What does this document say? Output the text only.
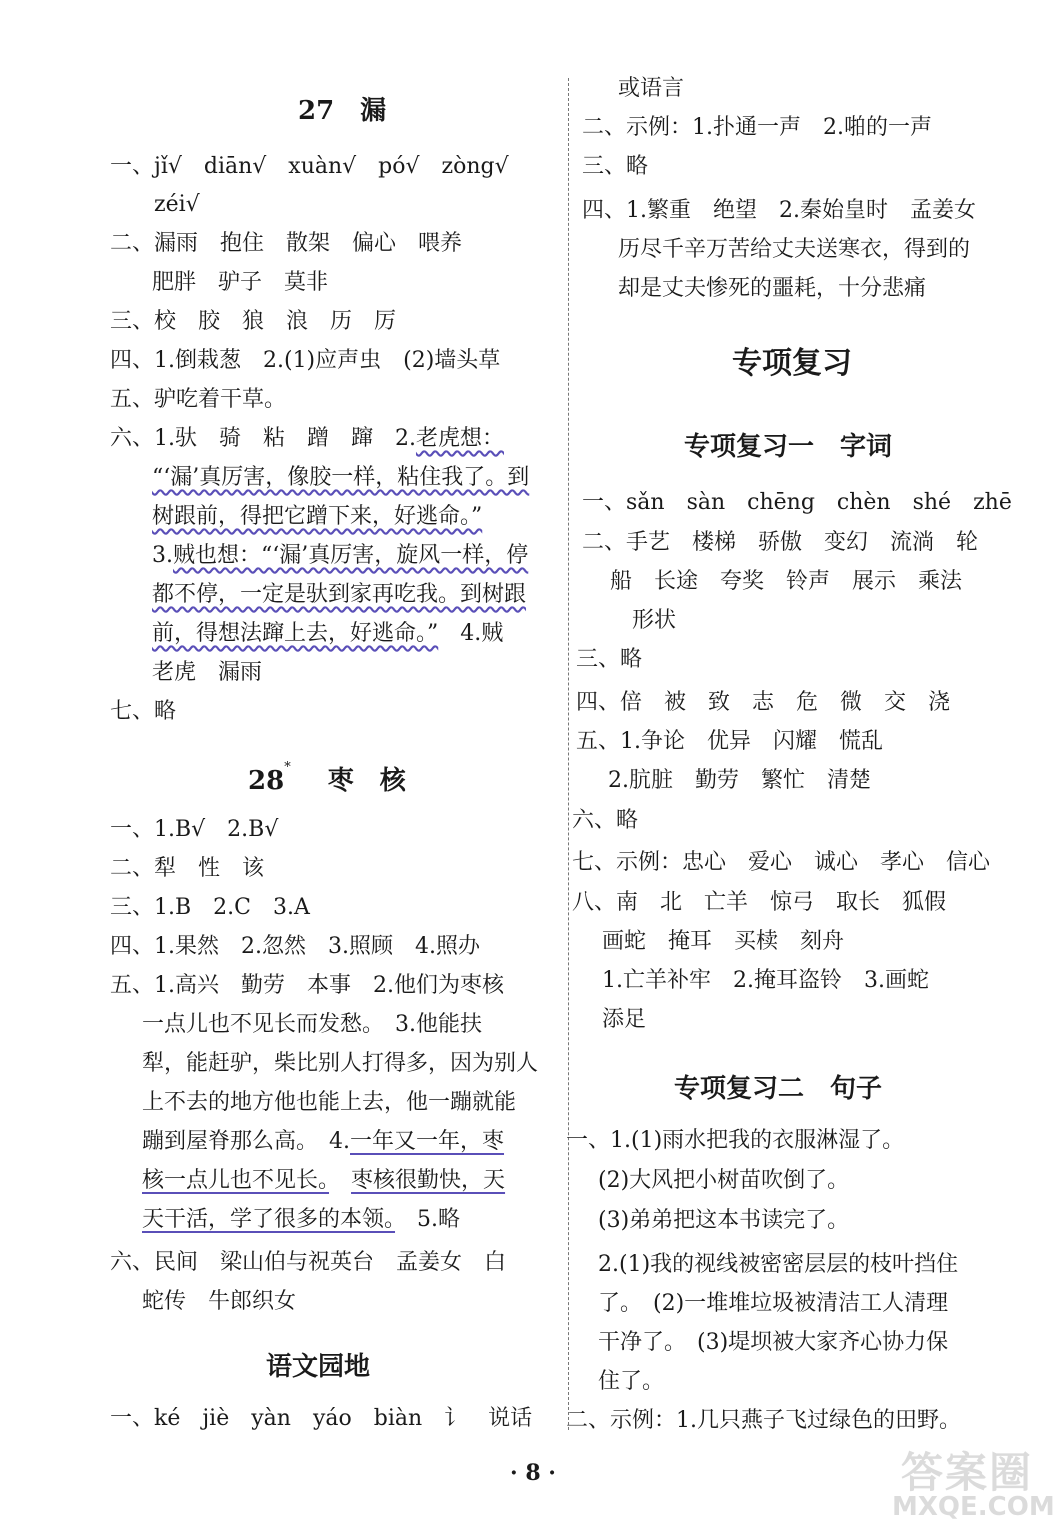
27　漏
一、jǐ√　diān√　xuàn√　pó√　zòng√
zéi√
二、漏雨　抱住　散架　偏心　喂养
肥胖　驴子　莫非
三、校　胶　狼　浪　历　厉
四、1.倒栽葱　2.(1)应声虫　(2)墙头草
五、驴吃着干草。
六、1.驮　骑　粘　蹭　蹿　2.老虎想：
“‘漏’真厉害，像胶一样，粘住我了。到
树跟前，得把它蹭下来，好逃命。”
3.贼也想：“‘漏’真厉害，旋风一样，停
都不停，一定是驮到家再吃我。到树跟
前，得想法蹿上去，好逃命。”　4.贼
老虎　漏雨
七、略
28* 枣　核
一、1.B√　2.B√
二、犁　性　该
三、1.B　2.C　3.A
四、1.果然　2.忽然　3.照顾　4.照办
五、1.高兴　勤劳　本事　2.他们为枣核
一点儿也不见长而发愁。　3.他能扶
犁，能赶驴，柴比别人打得多，因为别人
上不去的地方他也能上去，他一蹦就能
蹦到屋脊那么高。　4.一年又一年，枣
核一点儿也不见长。　 枣核很勤快，天
天干活，学了很多的本领。　5.略
六、民间　梁山伯与祝英台　孟姜女　白
蛇传　牛郎织女
语文园地
一、ké　jiè　yàn　yáo　biàn　讠　说话
或语言
二、示例：1.扑通一声　2.啪的一声
三、略
四、1.繁重　绝望　2.秦始皇时　孟姜女
历尽千辛万苦给丈夫送寒衣，得到的
却是丈夫惨死的噩耗，十分悲痛
专项复习
专项复习一　字词
一、sǎn　sàn　chēng　chèn　shé　zhē
二、手艺　楼梯　骄傲　变幻　流淌　轮
船　长途　夸奖　铃声　展示　乘法
形状
三、略
四、倍　被　致　志　危　微　交　浇
五、1.争论　优异　闪耀　慌乱
2.肮脏　勤劳　繁忙　清楚
六、略
七、示例：忠心　爱心　诚心　孝心　信心
八、南　北　亡羊　惊弓　取长　狐假
画蛇　掩耳　买椟　刻舟
1.亡羊补牢　2.掩耳盗铃　3.画蛇
添足
专项复习二　句子
一、1.(1)雨水把我的衣服淋湿了。
(2)大风把小树苗吹倒了。
(3)弟弟把这本书读完了。
2.(1)我的视线被密密层层的枝叶挡住
了。　(2)一堆堆垃圾被清洁工人清理
干净了。　(3)堤坝被大家齐心协力保
住了。
二、示例：1.几只燕子飞过绿色的田野。
· 8 ·	答案圈
MXQE.COM
